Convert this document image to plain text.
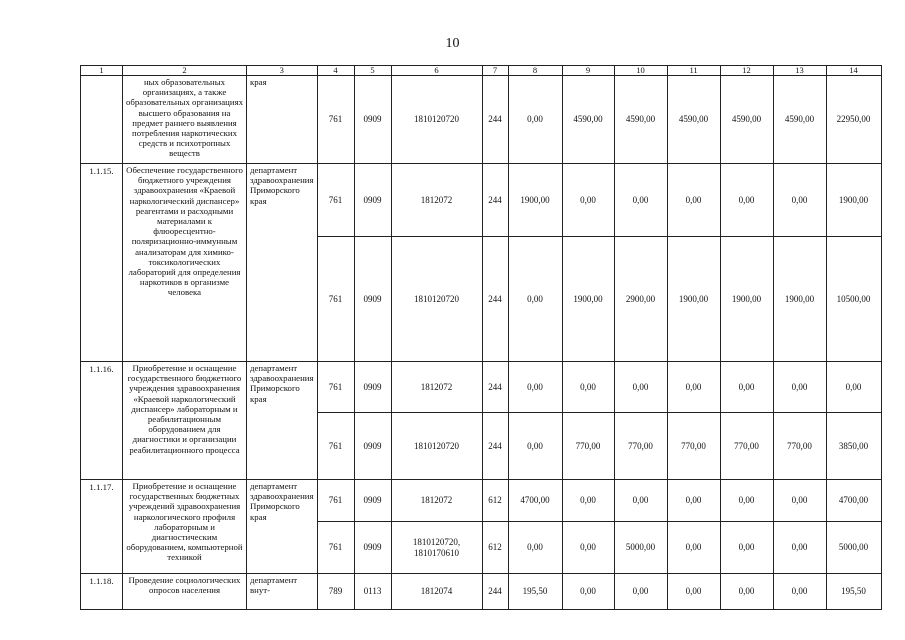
10
1	2	3	4	5	6	7	8	9	10	11	12	13	14
	ных образовательных организациях, а также образовательных организациях высшего образования на предмет раннего выявления потребления наркотических средств и психотропных веществ	края	761	0909	1810120720	244	0,00	4590,00	4590,00	4590,00	4590,00	4590,00	22950,00
1.1.15.	Обеспечение государственного бюджетного учреждения здравоохранения «Краевой наркологический диспансер» реагентами и расходными материалами к флюоресцентно-поляризационно-иммунным анализаторам для химико-токсикологических лабораторий для определения наркотиков в организме человека	департамент здравоохранения Приморского края	761	0909	1812072	244	1900,00	0,00	0,00	0,00	0,00	0,00	1900,00
			761	0909	1810120720	244	0,00	1900,00	2900,00	1900,00	1900,00	1900,00	10500,00
1.1.16.	Приобретение и оснащение государственного бюджетного учреждения здравоохранения «Краевой наркологический диспансер» лабораторным и реабилитационным оборудованием для диагностики и организации реабилитационного процесса	департамент здравоохранения Приморского края	761	0909	1812072	244	0,00	0,00	0,00	0,00	0,00	0,00	0,00
			761	0909	1810120720	244	0,00	770,00	770,00	770,00	770,00	770,00	3850,00
1.1.17.	Приобретение и оснащение государственных бюджетных учреждений здравоохранения наркологического профиля лабораторным и диагностическим оборудованием, компьютерной техникой	департамент здравоохранения Приморского края	761	0909	1812072	612	4700,00	0,00	0,00	0,00	0,00	0,00	4700,00
			761	0909	1810120720, 1810170610	612	0,00	0,00	5000,00	0,00	0,00	0,00	5000,00
1.1.18.	Проведение социологических опросов населения	департамент внут-	789	0113	1812074	244	195,50	0,00	0,00	0,00	0,00	0,00	195,50
